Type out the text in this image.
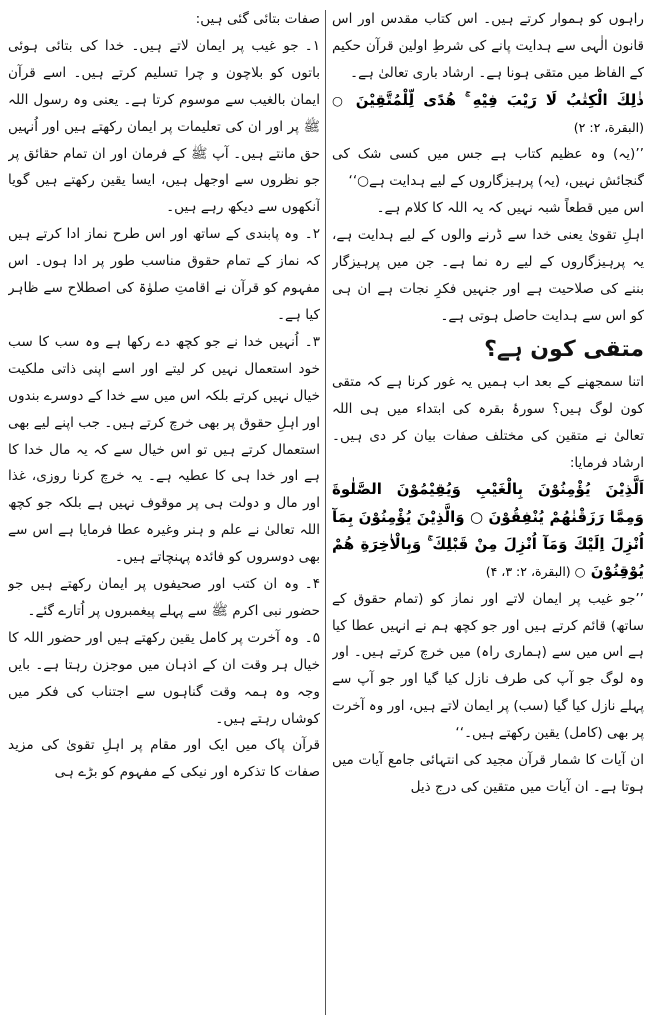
راہوں کو ہموار کرتے ہیں۔ اس کتاب مقدس اور اس قانون الٰہی سے ہدایت پانے کی شرطِ اولین قرآن حکیم کے الفاظ میں متقی ہونا ہے۔ ارشاد باری تعالیٰ ہے۔

ذٰلِكَ الْكِتٰبُ لَا رَيْبَ فِيْهِ ۚ هُدًى لِّلْمُتَّقِيْنَ ○ (البقرة، ۲: ۲)

’’(یہ) وہ عظیم کتاب ہے جس میں کسی شک کی گنجائش نہیں، (یہ) پرہیزگاروں کے لیے ہدایت ہے○‘‘

اس میں قطعاً شبہ نہیں کہ یہ اللہ کا کلام ہے۔

اہلِ تقویٰ یعنی خدا سے ڈرنے والوں کے لیے ہدایت ہے، یہ پرہیزگاروں کے لیے رہ نما ہے۔ جن میں پرہیزگار بننے کی صلاحیت ہے اور جنہیں فکرِ نجات ہے ان ہی کو اس سے ہدایت حاصل ہوتی ہے۔

متقی کون ہے؟

اتنا سمجھنے کے بعد اب ہمیں یہ غور کرنا ہے کہ متقی کون لوگ ہیں؟ سورۂ بقرہ کی ابتداء میں ہی اللہ تعالیٰ نے متقین کی مختلف صفات بیان کر دی ہیں۔ ارشاد فرمایا:

اَلَّذِيْنَ يُؤْمِنُوْنَ بِالْغَيْبِ وَيُقِيْمُوْنَ الصَّلٰوةَ وَمِمَّا رَزَقْنٰهُمْ يُنْفِقُوْنَ ○ وَالَّذِيْنَ يُؤْمِنُوْنَ بِمَآ اُنْزِلَ اِلَيْكَ وَمَآ اُنْزِلَ مِنْ قَبْلِكَ ۚ وَبِالْاٰخِرَةِ هُمْ يُوْقِنُوْنَ ○ (البقرة، ۲: ۳، ۴)

’’جو غیب پر ایمان لاتے اور نماز کو (تمام حقوق کے ساتھ) قائم کرتے ہیں اور جو کچھ ہم نے انہیں عطا کیا ہے اس میں سے (ہماری راہ) میں خرچ کرتے ہیں۔ اور وہ لوگ جو آپ کی طرف نازل کیا گیا اور جو آپ سے پہلے نازل کیا گیا (سب) پر ایمان لاتے ہیں، اور وہ آخرت پر بھی (کامل) یقین رکھتے ہیں۔‘‘

ان آیات کا شمار قرآن مجید کی انتہائی جامع آیات میں ہوتا ہے۔ ان آیات میں متقین کی درج ذیل

صفات بتائی گئی ہیں:

۱۔جو غیب پر ایمان لاتے ہیں۔ خدا کی بتائی ہوئی باتوں کو بلاچون و چرا تسلیم کرتے ہیں۔ اسے قرآن ایمان بالغیب سے موسوم کرتا ہے۔ یعنی وہ رسول اللہ ﷺ پر اور ان کی تعلیمات پر ایمان رکھتے ہیں اور اُنہیں حق مانتے ہیں۔ آپ ﷺ کے فرمان اور ان تمام حقائق پر جو نظروں سے اوجھل ہیں، ایسا یقین رکھتے ہیں گویا آنکھوں سے دیکھ رہے ہیں۔

۲۔وہ پابندی کے ساتھ اور اس طرح نماز ادا کرتے ہیں کہ نماز کے تمام حقوق مناسب طور پر ادا ہوں۔ اس مفہوم کو قرآن نے اقامتِ صلوٰۃ کی اصطلاح سے ظاہر کیا ہے۔

۳۔اُنہیں خدا نے جو کچھ دے رکھا ہے وہ سب کا سب خود استعمال نہیں کر لیتے اور اسے اپنی ذاتی ملکیت خیال نہیں کرتے بلکہ اس میں سے خدا کے دوسرے بندوں اور اہلِ حقوق پر بھی خرچ کرتے ہیں۔ جب اپنے لیے بھی استعمال کرتے ہیں تو اس خیال سے کہ یہ مال خدا کا ہے اور خدا ہی کا عطیہ ہے۔ یہ خرچ کرنا روزی، غذا اور مال و دولت ہی پر موقوف نہیں ہے بلکہ جو کچھ اللہ تعالیٰ نے علم و ہنر وغیرہ عطا فرمایا ہے اس سے بھی دوسروں کو فائدہ پہنچاتے ہیں۔

۴۔وہ ان کتب اور صحیفوں پر ایمان رکھتے ہیں جو حضور نبی اکرم ﷺ سے پہلے پیغمبروں پر اُتارے گئے۔

۵۔وہ آخرت پر کامل یقین رکھتے ہیں اور حضور اللہ کا خیال ہر وقت ان کے اذہان میں موجزن رہتا ہے۔ بایں وجہ وہ ہمہ وقت گناہوں سے اجتناب کی فکر میں کوشاں رہتے ہیں۔

قرآن پاک میں ایک اور مقام پر اہلِ تقویٰ کی مزید صفات کا تذکرہ اور نیکی کے مفہوم کو بڑے ہی
